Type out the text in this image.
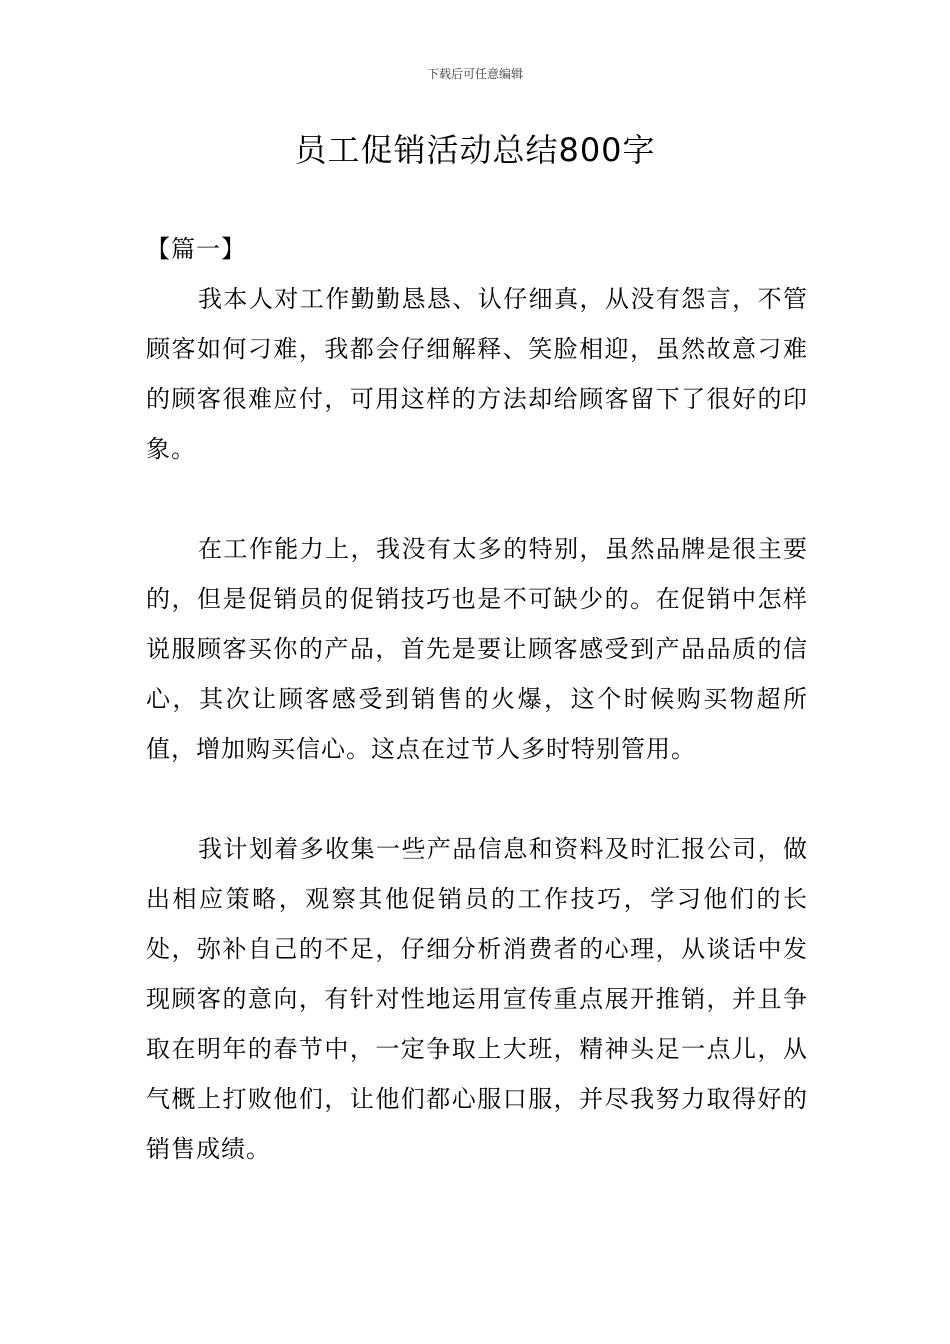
下载后可任意编辑
员工促销活动总结800字

【篇一】

我本人对工作勤勤恳恳、认仔细真，从没有怨言，不管顾客如何刁难，我都会仔细解释、笑脸相迎，虽然故意刁难的顾客很难应付，可用这样的方法却给顾客留下了很好的印象。

在工作能力上，我没有太多的特别，虽然品牌是很主要的，但是促销员的促销技巧也是不可缺少的。在促销中怎样说服顾客买你的产品，首先是要让顾客感受到产品品质的信心，其次让顾客感受到销售的火爆，这个时候购买物超所值，增加购买信心。这点在过节人多时特别管用。

我计划着多收集一些产品信息和资料及时汇报公司，做出相应策略，观察其他促销员的工作技巧，学习他们的长处，弥补自己的不足，仔细分析消费者的心理，从谈话中发现顾客的意向，有针对性地运用宣传重点展开推销，并且争取在明年的春节中，一定争取上大班，精神头足一点儿，从气概上打败他们，让他们都心服口服，并尽我努力取得好的销售成绩。
